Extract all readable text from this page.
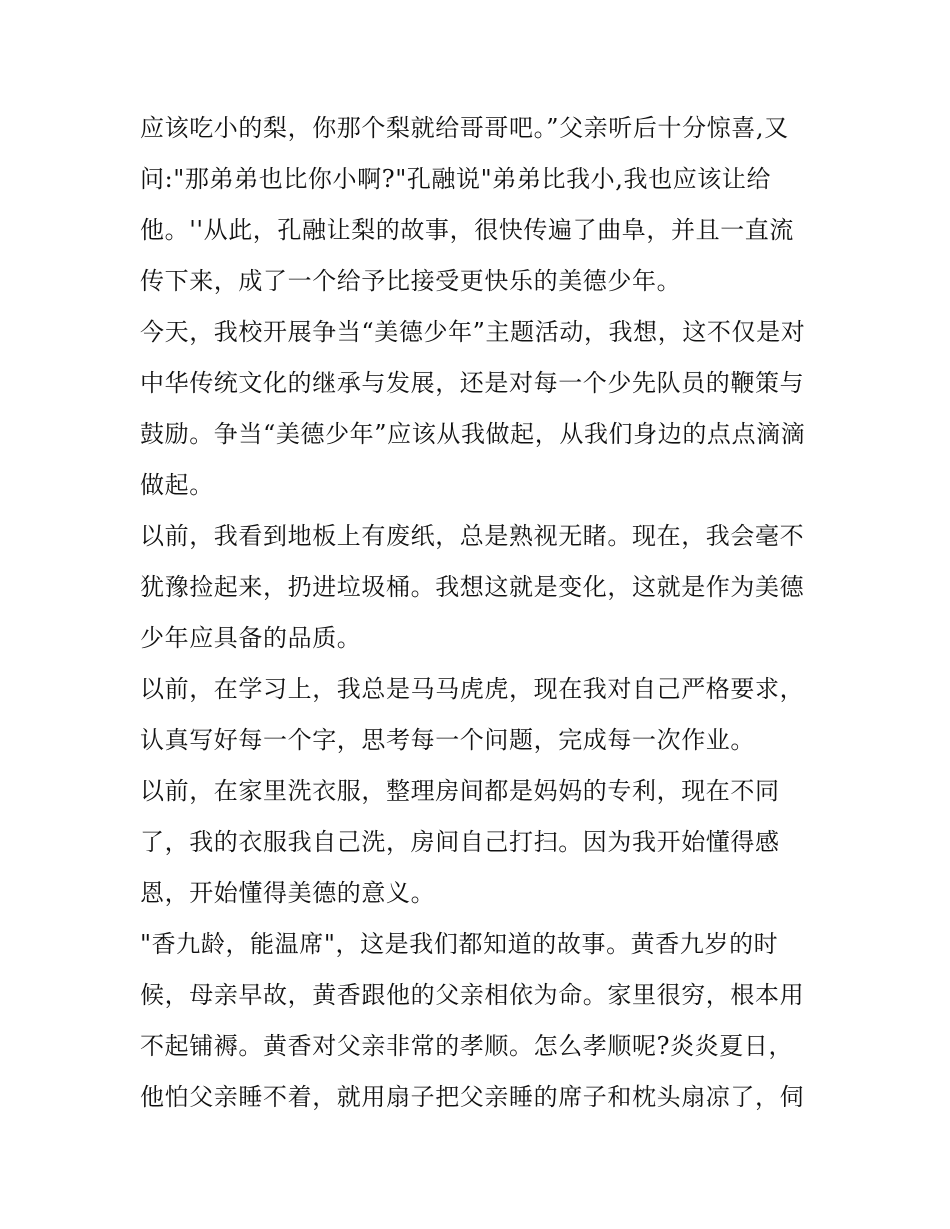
应该吃小的梨，你那个梨就给哥哥吧。”父亲听后十分惊喜,又
问:"那弟弟也比你小啊?"孔融说"弟弟比我小,我也应该让给
他。''从此，孔融让梨的故事，很快传遍了曲阜，并且一直流
传下来，成了一个给予比接受更快乐的美德少年。
今天，我校开展争当“美德少年”主题活动，我想，这不仅是对
中华传统文化的继承与发展，还是对每一个少先队员的鞭策与
鼓励。争当“美德少年”应该从我做起，从我们身边的点点滴滴
做起。
以前，我看到地板上有废纸，总是熟视无睹。现在，我会毫不
犹豫捡起来，扔进垃圾桶。我想这就是变化，这就是作为美德
少年应具备的品质。
以前，在学习上，我总是马马虎虎，现在我对自己严格要求，
认真写好每一个字，思考每一个问题，完成每一次作业。
以前，在家里洗衣服，整理房间都是妈妈的专利，现在不同
了，我的衣服我自己洗，房间自己打扫。因为我开始懂得感
恩，开始懂得美德的意义。
"香九龄，能温席"，这是我们都知道的故事。黄香九岁的时
候，母亲早故，黄香跟他的父亲相依为命。家里很穷，根本用
不起铺褥。黄香对父亲非常的孝顺。怎么孝顺呢?炎炎夏日，
他怕父亲睡不着，就用扇子把父亲睡的席子和枕头扇凉了，伺
